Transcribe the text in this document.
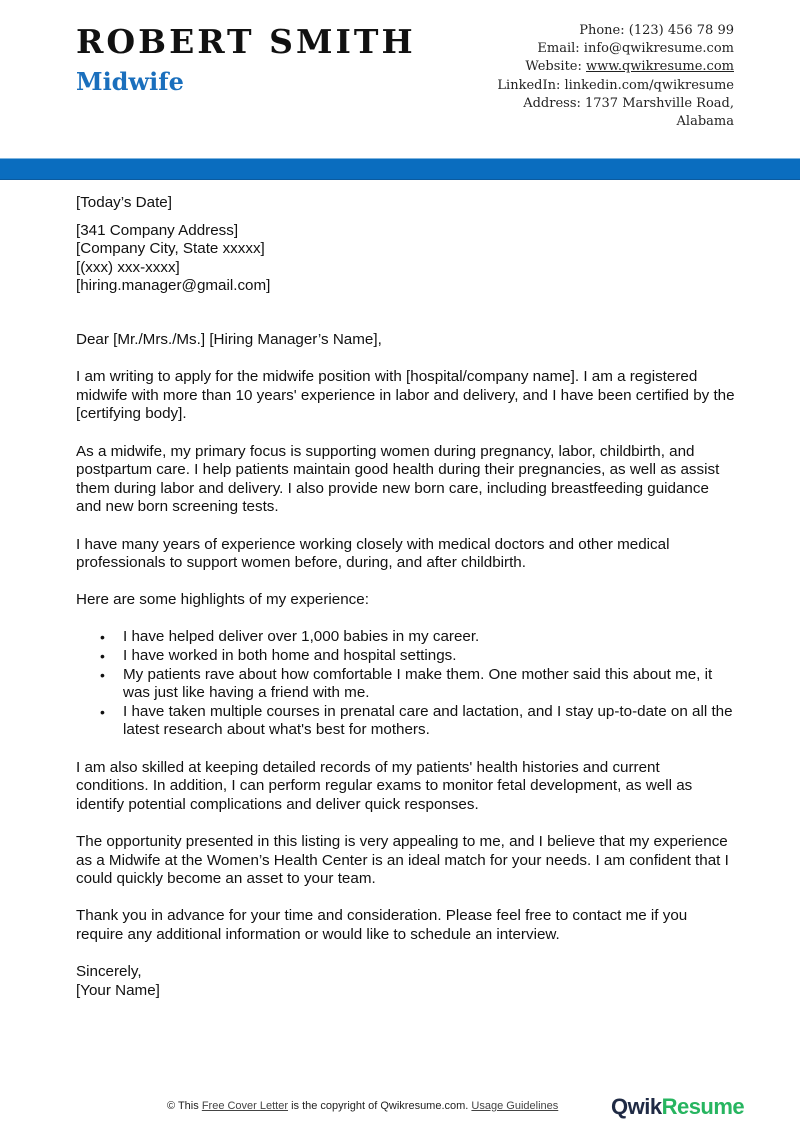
ROBERT SMITH
Midwife
Phone: (123) 456 78 99
Email: info@qwikresume.com
Website: www.qwikresume.com
LinkedIn: linkedin.com/qwikresume
Address: 1737 Marshville Road,
Alabama

[Today’s Date]

[341 Company Address]
[Company City, State xxxxx]
[(xxx) xxx-xxxx]
[hiring.manager@gmail.com]

Dear [Mr./Mrs./Ms.] [Hiring Manager’s Name],

I am writing to apply for the midwife position with [hospital/company name]. I am a registered midwife with more than 10 years' experience in labor and delivery, and I have been certified by the [certifying body].

As a midwife, my primary focus is supporting women during pregnancy, labor, childbirth, and postpartum care. I help patients maintain good health during their pregnancies, as well as assist them during labor and delivery. I also provide new born care, including breastfeeding guidance and new born screening tests.

I have many years of experience working closely with medical doctors and other medical professionals to support women before, during, and after childbirth.

Here are some highlights of my experience:

• I have helped deliver over 1,000 babies in my career.
• I have worked in both home and hospital settings.
• My patients rave about how comfortable I make them. One mother said this about me, it was just like having a friend with me.
• I have taken multiple courses in prenatal care and lactation, and I stay up-to-date on all the latest research about what's best for mothers.

I am also skilled at keeping detailed records of my patients' health histories and current conditions. In addition, I can perform regular exams to monitor fetal development, as well as identify potential complications and deliver quick responses.

The opportunity presented in this listing is very appealing to me, and I believe that my experience as a Midwife at the Women’s Health Center is an ideal match for your needs. I am confident that I could quickly become an asset to your team.

Thank you in advance for your time and consideration. Please feel free to contact me if you require any additional information or would like to schedule an interview.

Sincerely,
[Your Name]
© This Free Cover Letter is the copyright of Qwikresume.com. Usage Guidelines QwikResume
